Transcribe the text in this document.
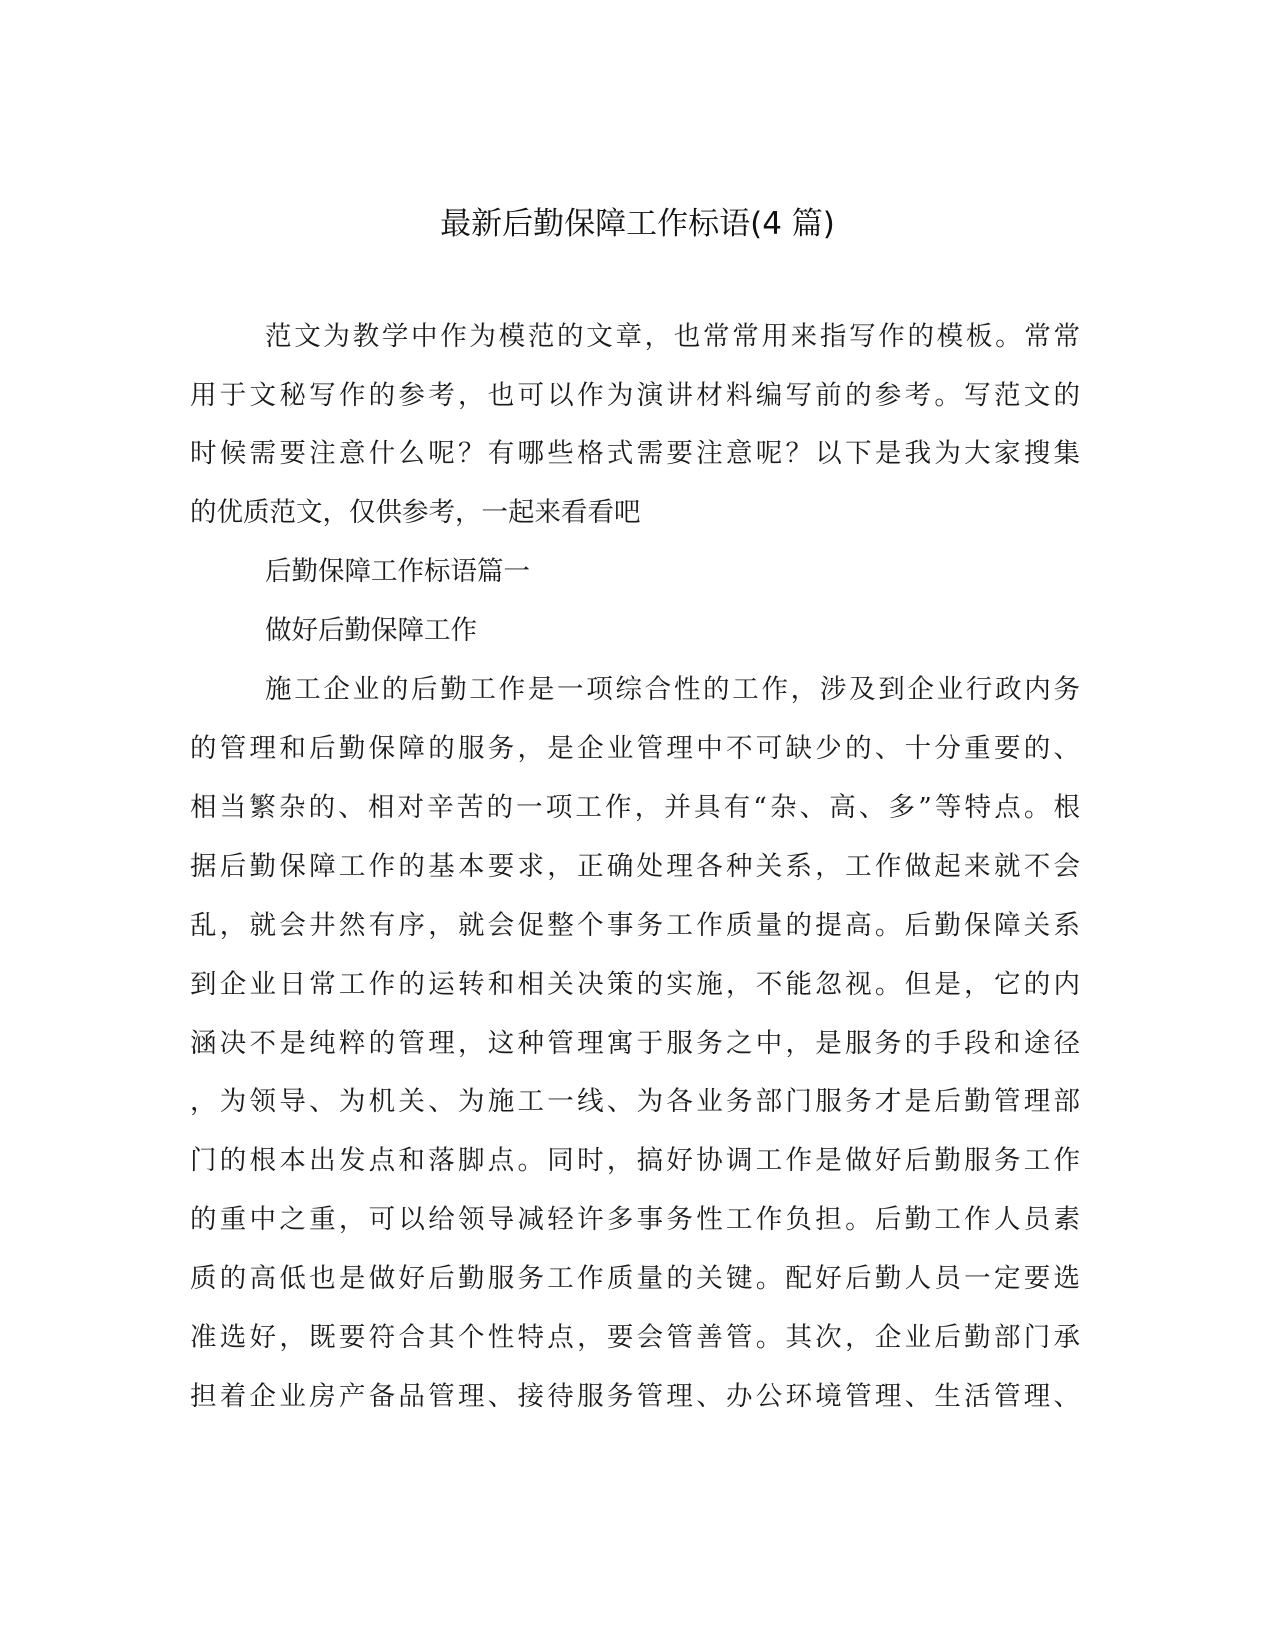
最新后勤保障工作标语(4 篇)
范文为教学中作为模范的文章，也常常用来指写作的模板。常常
用于文秘写作的参考，也可以作为演讲材料编写前的参考。写范文的
时候需要注意什么呢？有哪些格式需要注意呢？以下是我为大家搜集
的优质范文，仅供参考，一起来看看吧
后勤保障工作标语篇一
做好后勤保障工作
施工企业的后勤工作是一项综合性的工作，涉及到企业行政内务
的管理和后勤保障的服务，是企业管理中不可缺少的、十分重要的、
相当繁杂的、相对辛苦的一项工作，并具有“杂、高、多”等特点。根
据后勤保障工作的基本要求，正确处理各种关系，工作做起来就不会
乱，就会井然有序，就会促整个事务工作质量的提高。后勤保障关系
到企业日常工作的运转和相关决策的实施，不能忽视。但是，它的内
涵决不是纯粹的管理，这种管理寓于服务之中，是服务的手段和途径
，为领导、为机关、为施工一线、为各业务部门服务才是后勤管理部
门的根本出发点和落脚点。同时，搞好协调工作是做好后勤服务工作
的重中之重，可以给领导减轻许多事务性工作负担。后勤工作人员素
质的高低也是做好后勤服务工作质量的关键。配好后勤人员一定要选
准选好，既要符合其个性特点，要会管善管。其次，企业后勤部门承
担着企业房产备品管理、接待服务管理、办公环境管理、生活管理、
